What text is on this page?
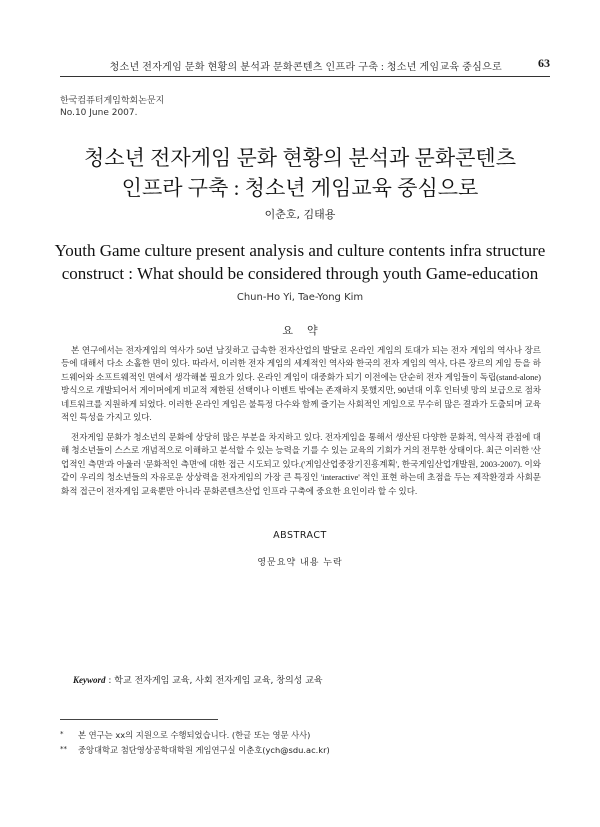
청소년 전자게임 문화 현황의 분석과 문화콘텐츠 인프라 구축 : 청소년 게임교육 중심으로	63
한국컴퓨터게임학회논문지
No.10 June 2007.
청소년 전자게임 문화 현황의 분석과 문화콘텐츠
인프라 구축 : 청소년 게임교육 중심으로
이춘호, 김태용
Youth Game culture present analysis and culture contents infra structure
construct : What should be considered through youth Game-education
Chun-Ho Yi, Tae-Yong Kim
요약
본 연구에서는 전자게임의 역사가 50년 남짓하고 급속한 전자산업의 발달로 온라인 게임의 토대가 되는 전자 게임의 역사나 장르 등에 대해서 다소 소홀한 면이 있다. 따라서, 이러한 전자 게임의 세계적인 역사와 한국의 전자 게임의 역사, 다른 장르의 게임 등을 하드웨어와 소프트웨적인 면에서 생각해볼 필요가 있다. 온라인 게임이 대중화가 되기 이전에는 단순히 전자 게임들이 독립(stand-alone) 방식으로 개발되어서 게이머에게 비교적 제한된 선택이나 이벤트 밖에는 존재하지 못했지만, 90년대 이후 인터넷 망의 보급으로 점차 네트워크를 지원하게 되었다. 이러한 온라인 게임은 불특정 다수와 함께 즐기는 사회적인 게임으로 무수히 많은 결과가 도출되며 교육적인 특성을 가지고 있다.
전자게임 문화가 청소년의 문화에 상당히 많은 부분을 차지하고 있다. 전자게임을 통해서 생산된 다양한 문화적, 역사적 관점에 대해 청소년들이 스스로 개념적으로 이해하고 분석할 수 있는 능력을 기를 수 있는 교육의 기회가 거의 전무한 상태이다. 최근 이러한 '산업적인 측면'과 아울러 '문화적인 측면'에 대한 접근 시도되고 있다.('게임산업중장기진흥계획', 한국게임산업개발원, 2003-2007). 이와 같이 우리의 청소년들의 자유로운 상상력을 전자게임의 가장 큰 특징인 'interactive' 적인 표현 하는데 초점을 두는 제작환경과 사회문화적 접근이 전자게임 교육뿐만 아니라 문화콘텐츠산업 인프라 구축에 중요한 요인이라 할 수 있다.
ABSTRACT
영문요약 내용 누락
Keyword : 학교 전자게임 교육, 사회 전자게임 교육, 창의성 교육
* 본 연구는 xx의 지원으로 수행되었습니다. (한글 또는 영문 사사)
** 중앙대학교 첨단영상공학대학원 게임연구실 이춘호(ych@sdu.ac.kr)
